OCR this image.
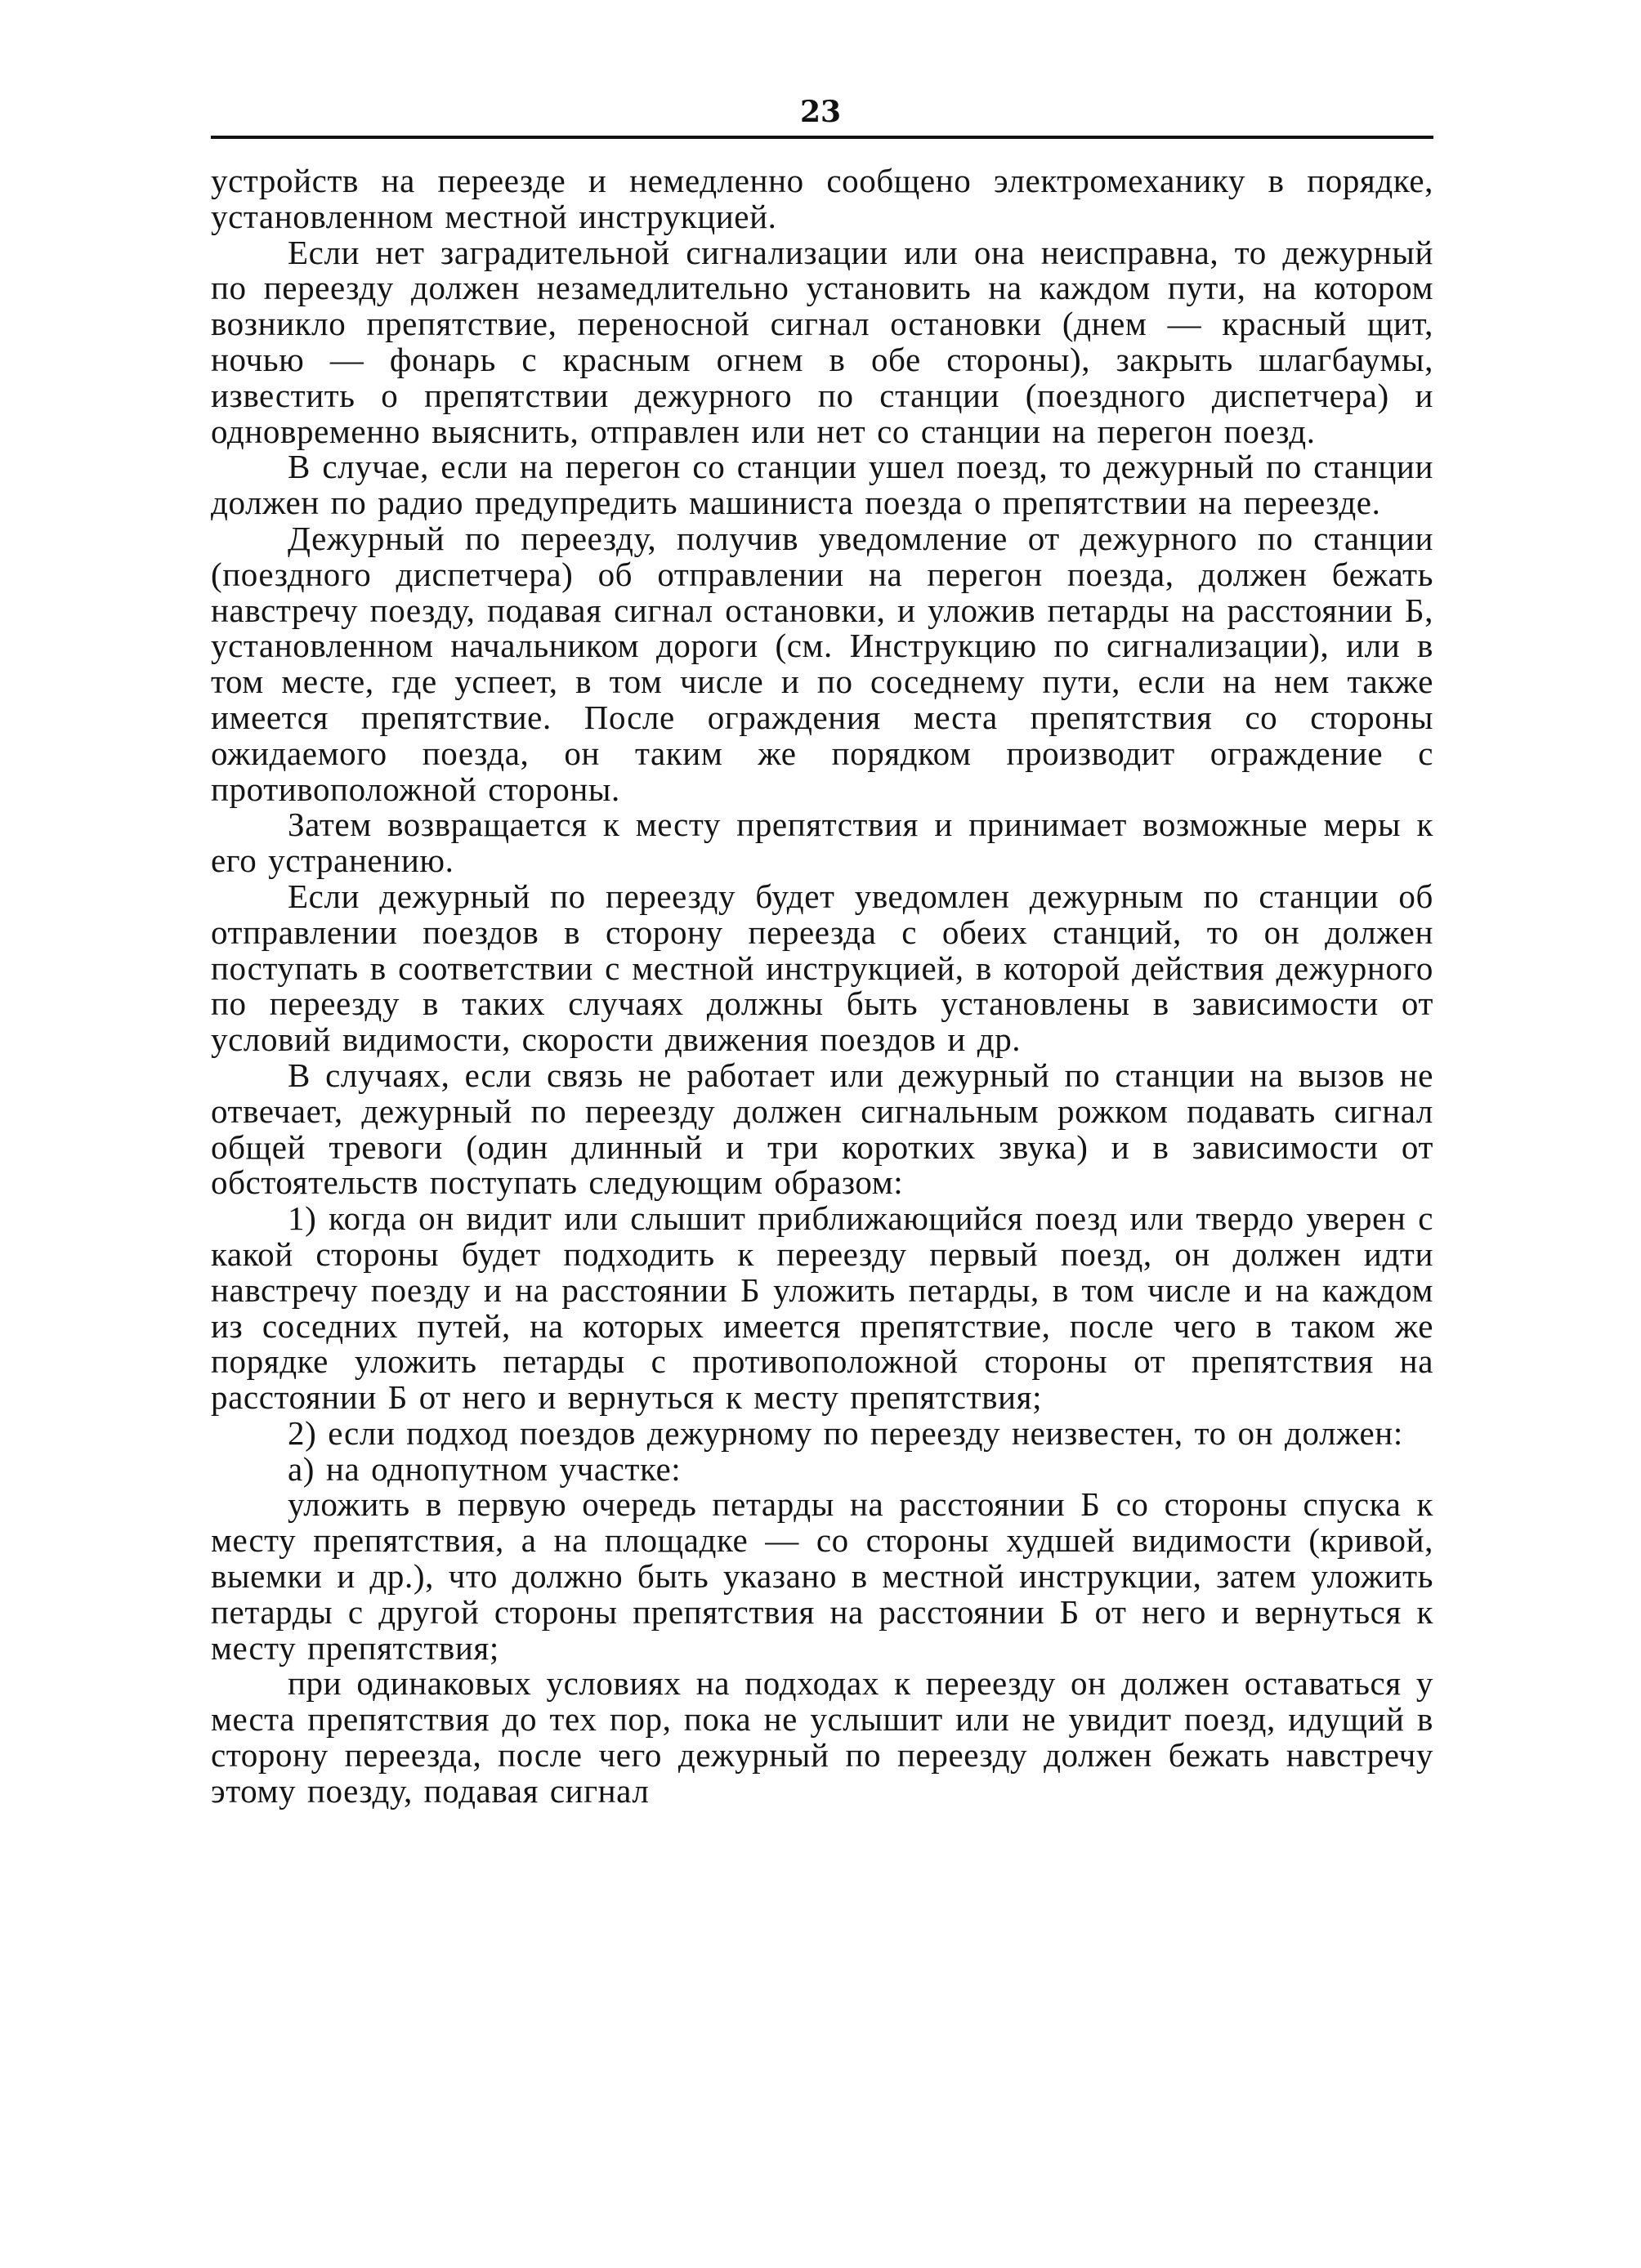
23

устройств на переезде и немедленно сообщено электромеханику в порядке, установленном местной инструкцией.

Если нет заградительной сигнализации или она неисправна, то дежурный по переезду должен незамедлительно установить на каждом пути, на котором возникло препятствие, переносной сигнал остановки (днем — красный щит, ночью — фонарь с красным огнем в обе стороны), закрыть шлагбаумы, известить о препятствии дежурного по станции (поездного диспетчера) и одновременно выяснить, отправлен или нет со станции на перегон поезд.

В случае, если на перегон со станции ушел поезд, то дежурный по станции должен по радио предупредить машиниста поезда о препятствии на переезде.

Дежурный по переезду, получив уведомление от дежурного по станции (поездного диспетчера) об отправлении на перегон поезда, должен бежать навстречу поезду, подавая сигнал остановки, и уложив петарды на расстоянии Б, установленном начальником дороги (см. Инструкцию по сигнализации), или в том месте, где успеет, в том числе и по соседнему пути, если на нем также имеется препятствие. После ограждения места препятствия со стороны ожидаемого поезда, он таким же порядком производит ограждение с противоположной стороны.

Затем возвращается к месту препятствия и принимает возможные меры к его устранению.

Если дежурный по переезду будет уведомлен дежурным по станции об отправлении поездов в сторону переезда с обеих станций, то он должен поступать в соответствии с местной инструкцией, в которой действия дежурного по переезду в таких случаях должны быть установлены в зависимости от условий видимости, скорости движения поездов и др.

В случаях, если связь не работает или дежурный по станции на вызов не отвечает, дежурный по переезду должен сигнальным рожком подавать сигнал общей тревоги (один длинный и три коротких звука) и в зависимости от обстоятельств поступать следующим образом:

1) когда он видит или слышит приближающийся поезд или твердо уверен с какой стороны будет подходить к переезду первый поезд, он должен идти навстречу поезду и на расстоянии Б уложить петарды, в том числе и на каждом из соседних путей, на которых имеется препятствие, после чего в таком же порядке уложить петарды с противоположной стороны от препятствия на расстоянии Б от него и вернуться к месту препятствия;

2) если подход поездов дежурному по переезду неизвестен, то он должен:

а) на однопутном участке:

уложить в первую очередь петарды на расстоянии Б со стороны спуска к месту препятствия, а на площадке — со стороны худшей видимости (кривой, выемки и др.), что должно быть указано в местной инструкции, затем уложить петарды с другой стороны препятствия на расстоянии Б от него и вернуться к месту препятствия;

при одинаковых условиях на подходах к переезду он должен оставаться у места препятствия до тех пор, пока не услышит или не увидит поезд, идущий в сторону переезда, после чего дежурный по переезду должен бежать навстречу этому поезду, подавая сигнал
